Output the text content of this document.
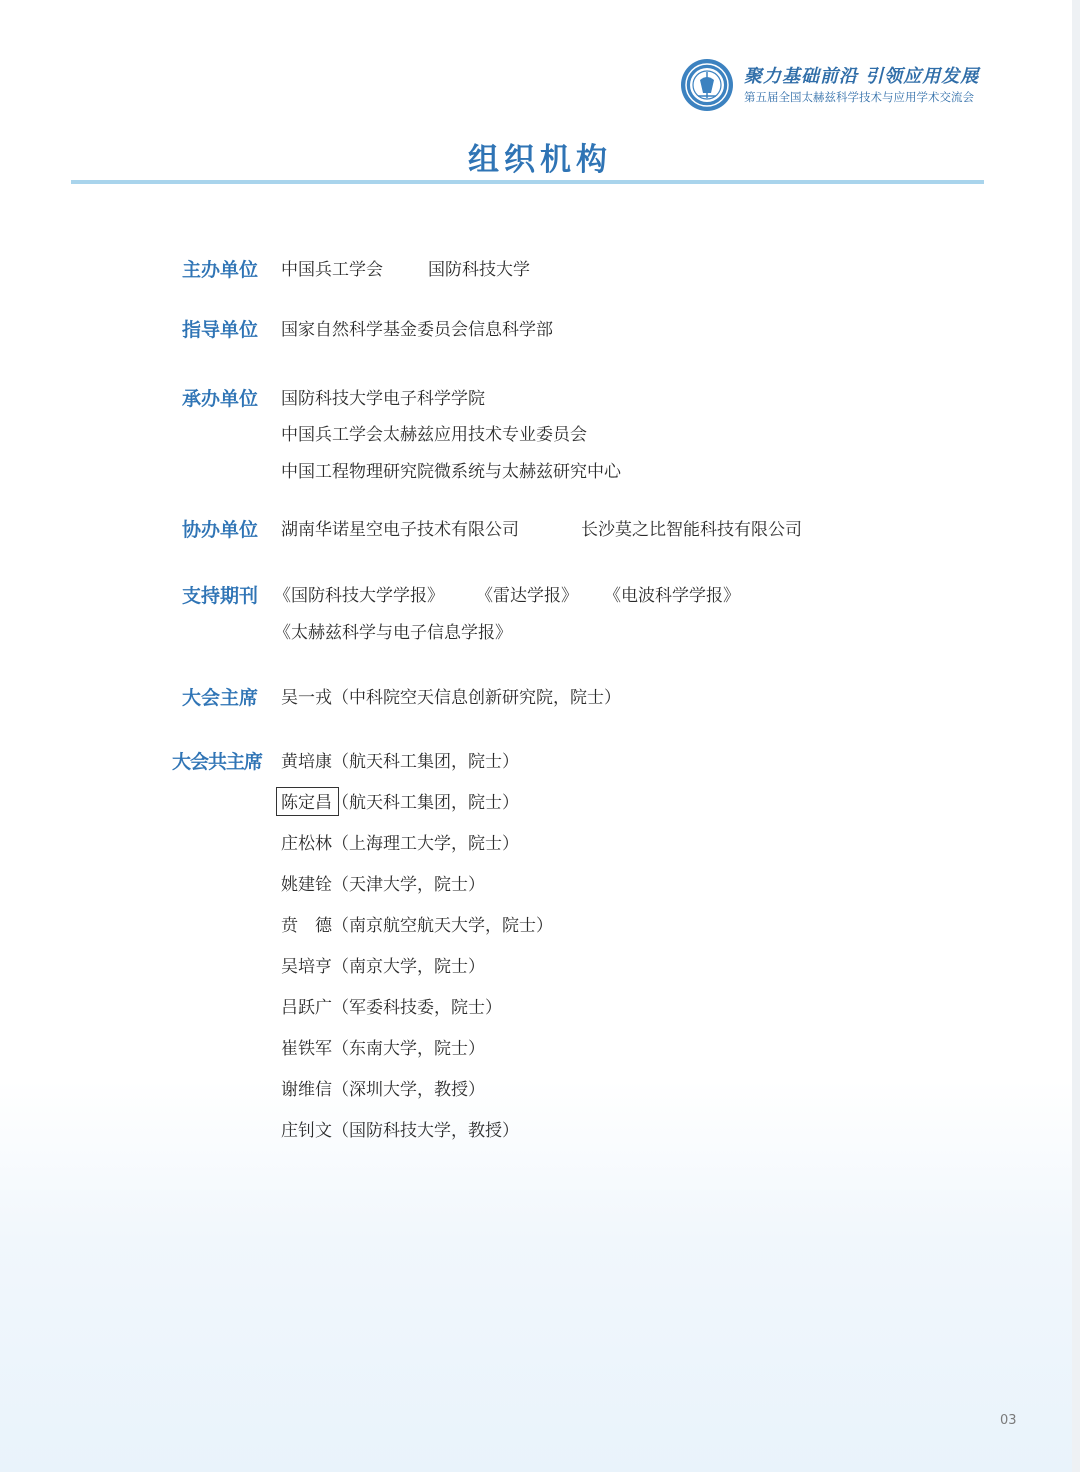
聚力基础前沿 引领应用发展
第五届全国太赫兹科学技术与应用学术交流会
组织机构
主办单位 中国兵工学会	国防科技大学
指导单位 国家自然科学基金委员会信息科学部
承办单位 国防科技大学电子科学学院
中国兵工学会太赫兹应用技术专业委员会
中国工程物理研究院微系统与太赫兹研究中心
协办单位 湖南华诺星空电子技术有限公司	长沙莫之比智能科技有限公司
支持期刊 《国防科技大学学报》 《雷达学报》 《电波科学学报》
《太赫兹科学与电子信息学报》
大会主席 吴一戎（中科院空天信息创新研究院，院士）
大会共主席 黄培康（航天科工集团，院士）
陈定昌（航天科工集团，院士）
庄松林（上海理工大学，院士）
姚建铨（天津大学，院士）
贲　德（南京航空航天大学，院士）
吴培亨（南京大学，院士）
吕跃广（军委科技委，院士）
崔铁军（东南大学，院士）
谢维信（深圳大学，教授）
庄钊文（国防科技大学，教授）
03
